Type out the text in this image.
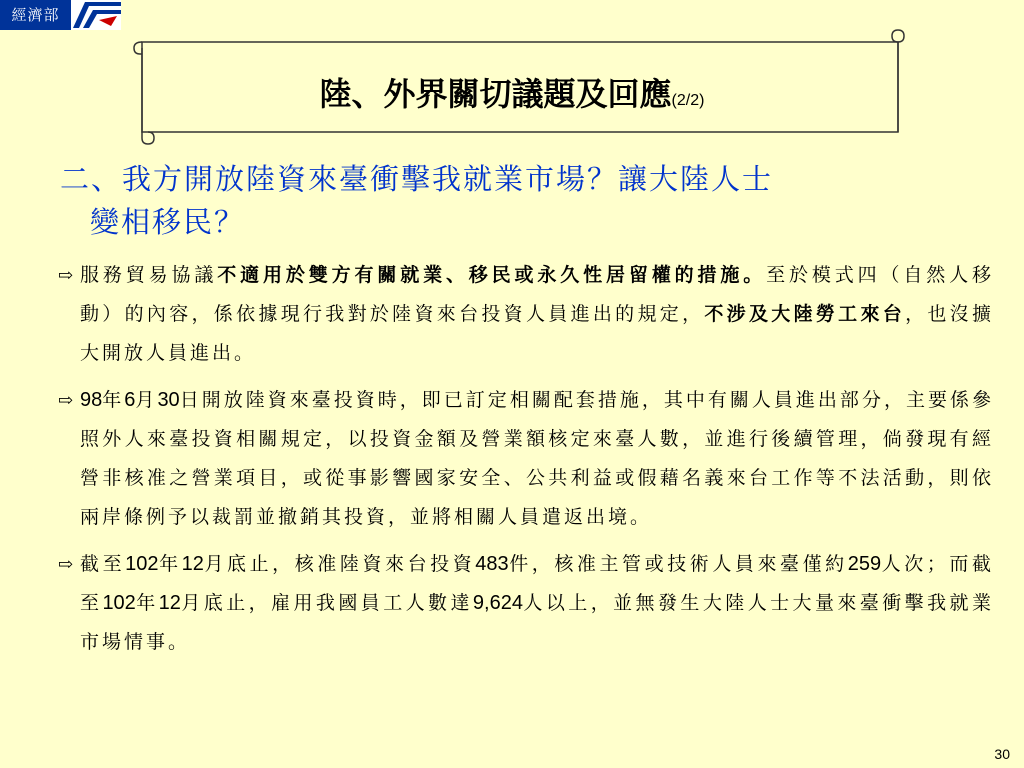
經濟部
陸、外界關切議題及回應(2/2)
二、我方開放陸資來臺衝擊我就業市場？讓大陸人士
變相移民？
⇨ 服務貿易協議不適用於雙方有關就業、移民或永久性居留權的措施。至於模式四（自然人移動）的內容，係依據現行我對於陸資來台投資人員進出的規定，不涉及大陸勞工來台，也沒擴大開放人員進出。
⇨ 98年6月30日開放陸資來臺投資時，即已訂定相關配套措施，其中有關人員進出部分，主要係參照外人來臺投資相關規定，以投資金額及營業額核定來臺人數，並進行後續管理，倘發現有經營非核准之營業項目，或從事影響國家安全、公共利益或假藉名義來台工作等不法活動，則依兩岸條例予以裁罰並撤銷其投資，並將相關人員遣返出境。
⇨ 截至102年12月底止，核准陸資來台投資483件，核准主管或技術人員來臺僅約259人次；而截至102年12月底止，雇用我國員工人數達9,624人以上，並無發生大陸人士大量來臺衝擊我就業市場情事。
30
